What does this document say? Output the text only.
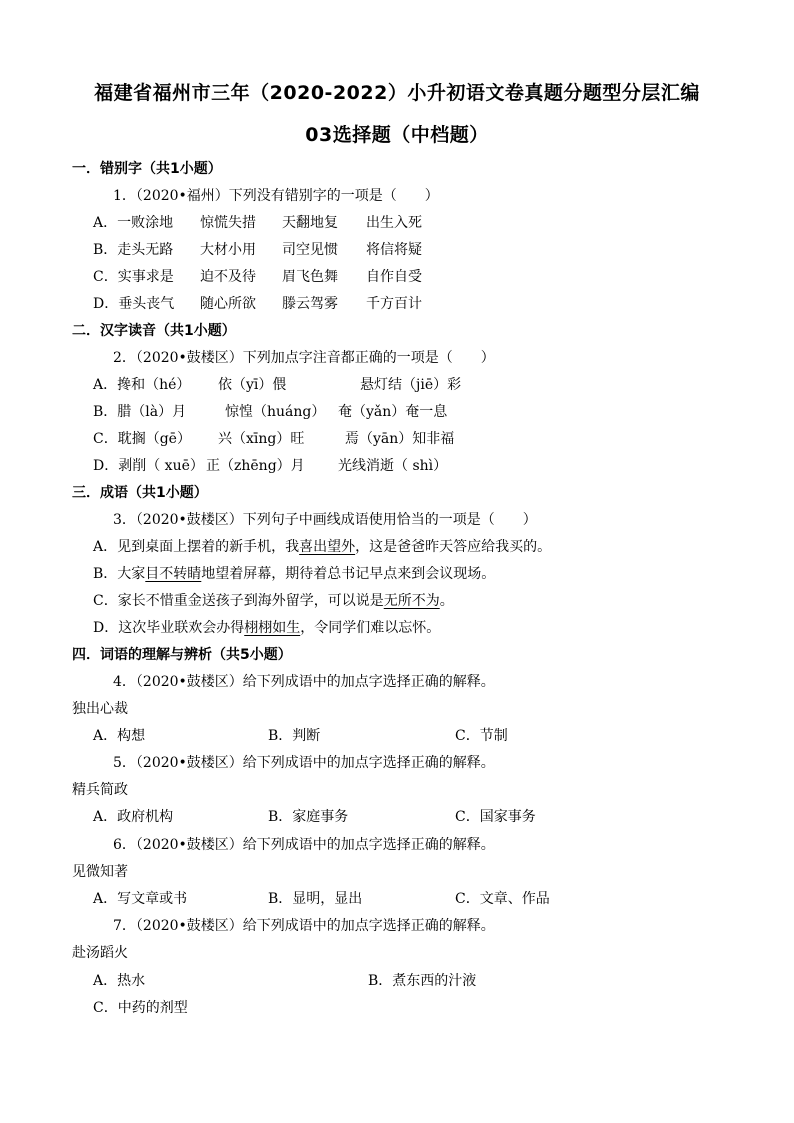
福建省福州市三年（2020-2022）小升初语文卷真题分题型分层汇编
03选择题（中档题）
一．错别字（共1小题）
1．（2020•福州）下列没有错别字的一项是（　　）
A．一败涂地 惊慌失措 天翻地复 出生入死
B．走头无路 大材小用 司空见惯 将信将疑
C．实事求是 迫不及待 眉飞色舞 自作自受
D．垂头丧气 随心所欲 滕云驾雾 千方百计
二．汉字读音（共1小题）
2．（2020•鼓楼区）下列加点字注音都正确的一项是（　　）
A．搀和（hé） 依（yī）偎	悬灯结（jiē）彩
B．腊（là）月	惊惶（huáng） 奄（yǎn）奄一息
C．耽搁（gē） 兴（xīng）旺	焉（yān）知非福
D．剥削（ xuē） 正（zhēng）月 光线消逝（ shì）
三．成语（共1小题）
3．（2020•鼓楼区）下列句子中画线成语使用恰当的一项是（　　）
A．见到桌面上摆着的新手机，我喜出望外，这是爸爸昨天答应给我买的。
B．大家目不转睛地望着屏幕，期待着总书记早点来到会议现场。
C．家长不惜重金送孩子到海外留学，可以说是无所不为。
D．这次毕业联欢会办得栩栩如生，令同学们难以忘怀。
四．词语的理解与辨析（共5小题）
4．（2020•鼓楼区）给下列成语中的加点字选择正确的解释。
独出心裁
A．构想	B．判断	C．节制
5．（2020•鼓楼区）给下列成语中的加点字选择正确的解释。
精兵简政
A．政府机构	B．家庭事务	C．国家事务
6．（2020•鼓楼区）给下列成语中的加点字选择正确的解释。
见微知著
A．写文章或书	B．显明，显出	C．文章、作品
7．（2020•鼓楼区）给下列成语中的加点字选择正确的解释。
赴汤蹈火
A．热水	B．煮东西的汁液
C．中药的剂型
